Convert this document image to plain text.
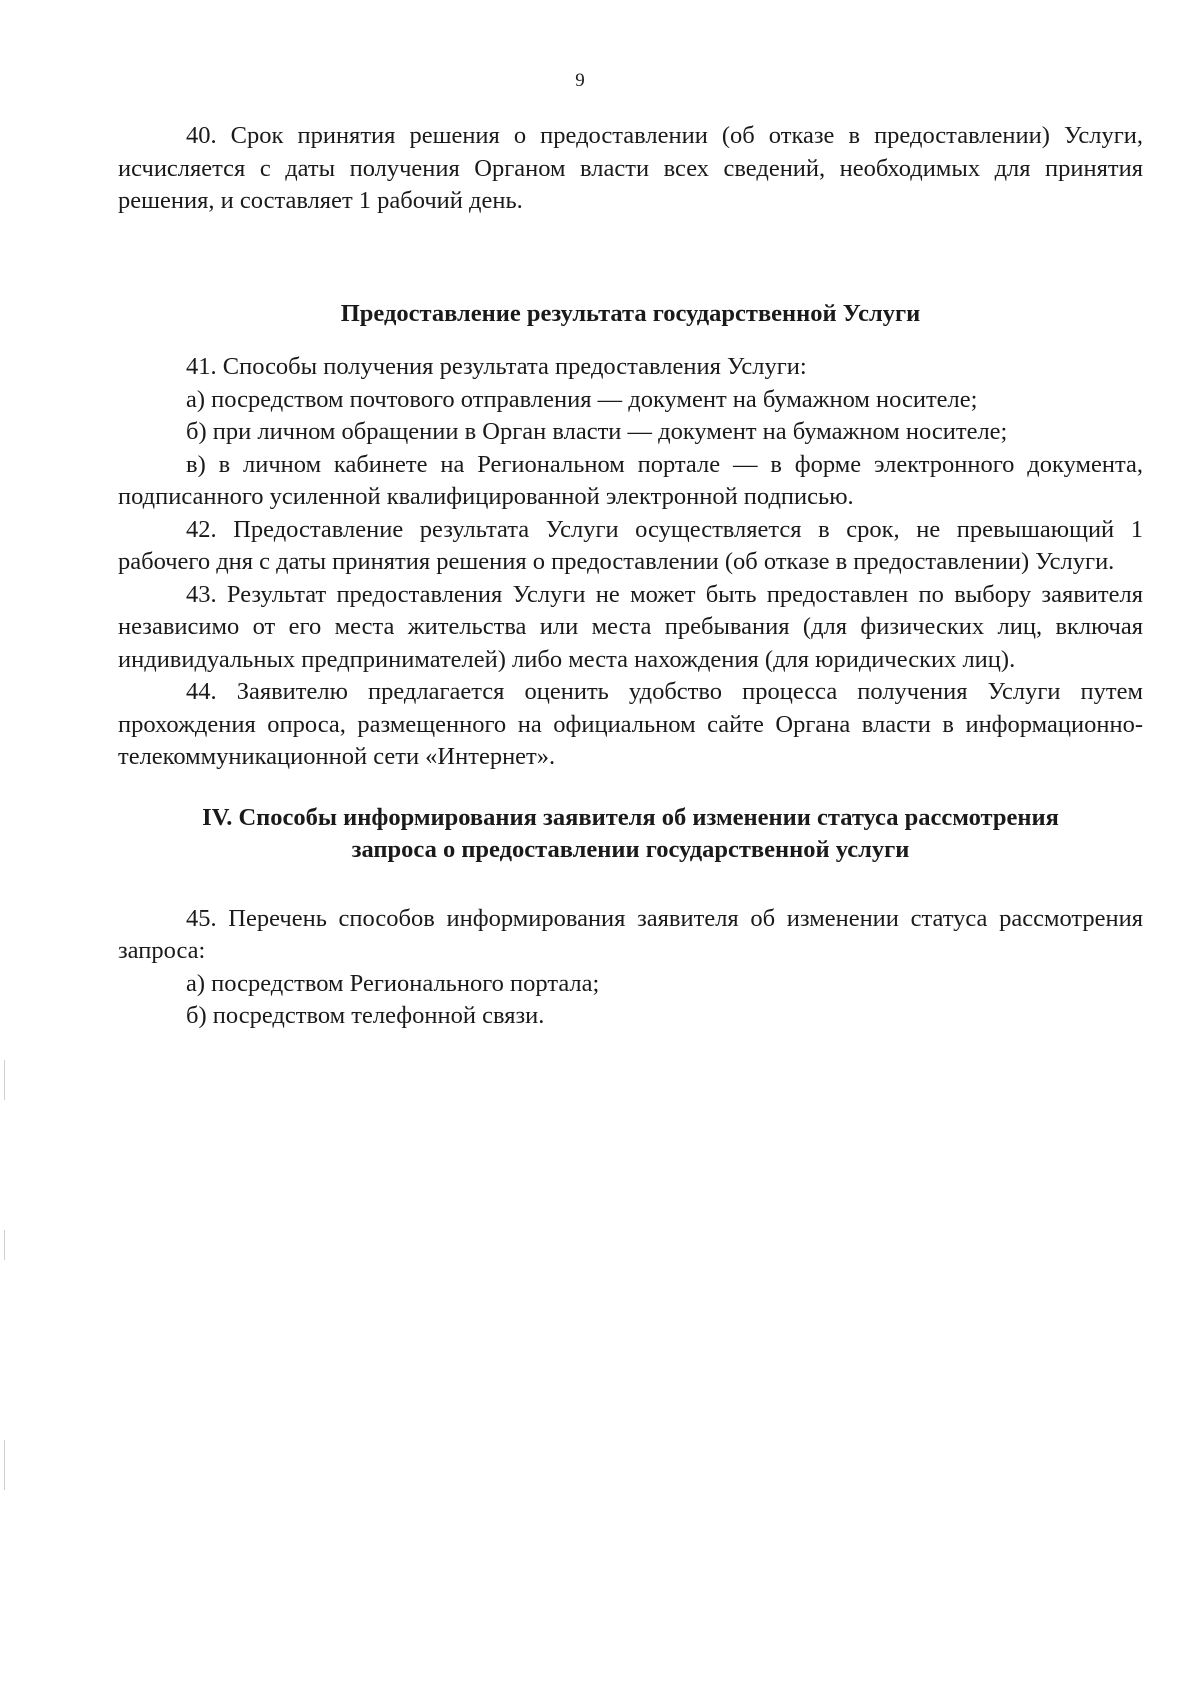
9

40. Срок принятия решения о предоставлении (об отказе в предоставлении) Услуги, исчисляется с даты получения Органом власти всех сведений, необходимых для принятия решения, и составляет 1 рабочий день.

Предоставление результата государственной Услуги

41. Способы получения результата предоставления Услуги:

а) посредством почтового отправления — документ на бумажном носителе;

б) при личном обращении в Орган власти — документ на бумажном носителе;

в) в личном кабинете на Региональном портале — в форме электронного документа, подписанного усиленной квалифицированной электронной подписью.

42. Предоставление результата Услуги осуществляется в срок, не превышающий 1 рабочего дня с даты принятия решения о предоставлении (об отказе в предоставлении) Услуги.

43. Результат предоставления Услуги не может быть предоставлен по выбору заявителя независимо от его места жительства или места пребывания (для физических лиц, включая индивидуальных предпринимателей) либо места нахождения (для юридических лиц).

44. Заявителю предлагается оценить удобство процесса получения Услуги путем прохождения опроса, размещенного на официальном сайте Органа власти в информационно-телекоммуникационной сети «Интернет».

IV. Способы информирования заявителя об изменении статуса рассмотрения
запроса о предоставлении государственной услуги

45. Перечень способов информирования заявителя об изменении статуса рассмотрения запроса:

а) посредством Регионального портала;

б) посредством телефонной связи.
